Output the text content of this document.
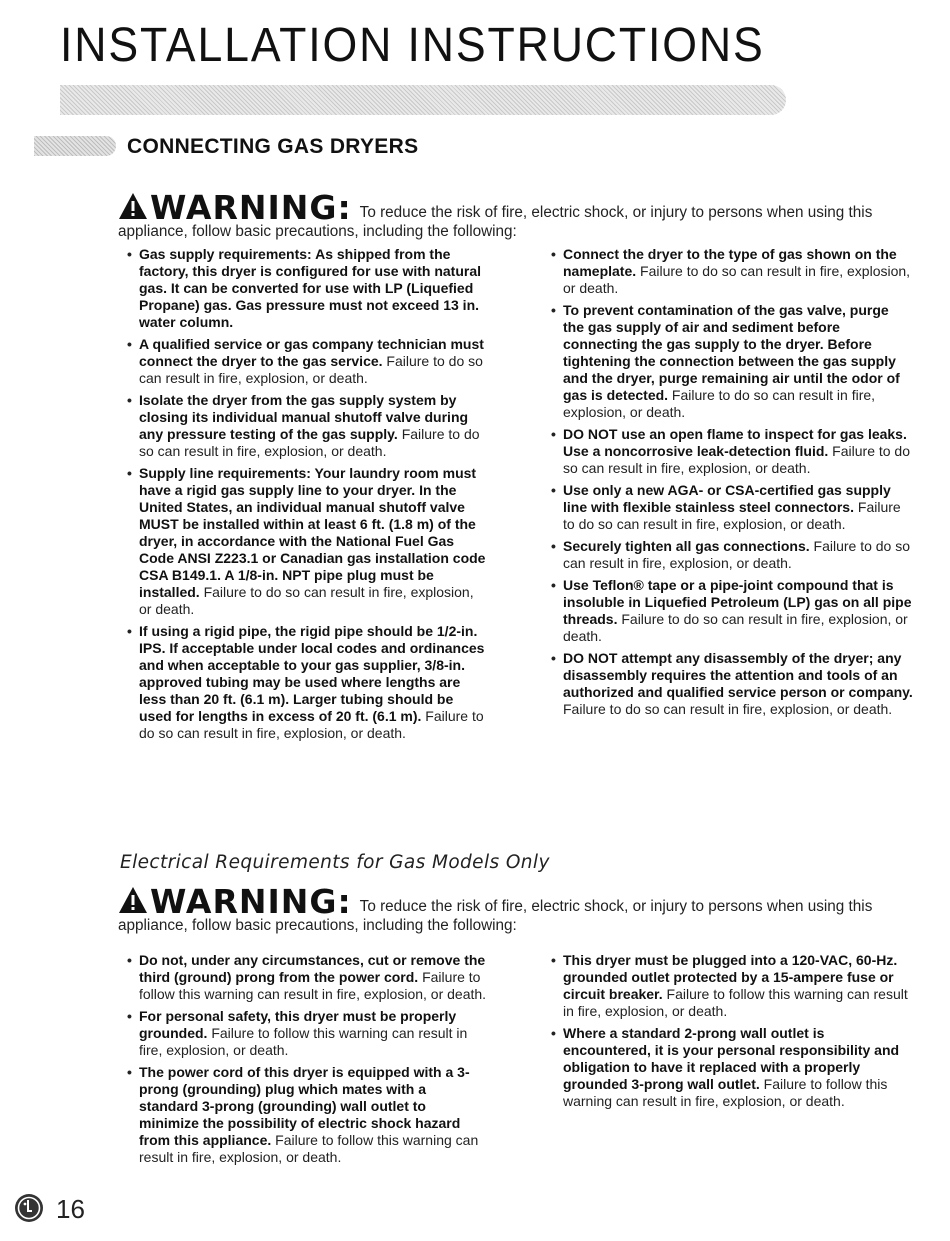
INSTALLATION INSTRUCTIONS
CONNECTING GAS DRYERS
WARNING: To reduce the risk of fire, electric shock, or injury to persons when using this appliance, follow basic precautions, including the following:
• Gas supply requirements: As shipped from the factory, this dryer is configured for use with natural gas. It can be converted for use with LP (Liquefied Propane) gas. Gas pressure must not exceed 13 in. water column.
• A qualified service or gas company technician must connect the dryer to the gas service. Failure to do so can result in fire, explosion, or death.
• Isolate the dryer from the gas supply system by closing its individual manual shutoff valve during any pressure testing of the gas supply. Failure to do so can result in fire, explosion, or death.
• Supply line requirements: Your laundry room must have a rigid gas supply line to your dryer. In the United States, an individual manual shutoff valve MUST be installed within at least 6 ft. (1.8 m) of the dryer, in accordance with the National Fuel Gas Code ANSI Z223.1 or Canadian gas installation code CSA B149.1. A 1/8-in. NPT pipe plug must be installed. Failure to do so can result in fire, explosion, or death.
• If using a rigid pipe, the rigid pipe should be 1/2-in. IPS. If acceptable under local codes and ordinances and when acceptable to your gas supplier, 3/8-in. approved tubing may be used where lengths are less than 20 ft. (6.1 m). Larger tubing should be used for lengths in excess of 20 ft. (6.1 m). Failure to do so can result in fire, explosion, or death.
• Connect the dryer to the type of gas shown on the nameplate. Failure to do so can result in fire, explosion, or death.
• To prevent contamination of the gas valve, purge the gas supply of air and sediment before connecting the gas supply to the dryer. Before tightening the connection between the gas supply and the dryer, purge remaining air until the odor of gas is detected. Failure to do so can result in fire, explosion, or death.
• DO NOT use an open flame to inspect for gas leaks. Use a noncorrosive leak-detection fluid. Failure to do so can result in fire, explosion, or death.
• Use only a new AGA- or CSA-certified gas supply line with flexible stainless steel connectors. Failure to do so can result in fire, explosion, or death.
• Securely tighten all gas connections. Failure to do so can result in fire, explosion, or death.
• Use Teflon® tape or a pipe-joint compound that is insoluble in Liquefied Petroleum (LP) gas on all pipe threads. Failure to do so can result in fire, explosion, or death.
• DO NOT attempt any disassembly of the dryer; any disassembly requires the attention and tools of an authorized and qualified service person or company. Failure to do so can result in fire, explosion, or death.
Electrical Requirements for Gas Models Only
WARNING: To reduce the risk of fire, electric shock, or injury to persons when using this appliance, follow basic precautions, including the following:
• Do not, under any circumstances, cut or remove the third (ground) prong from the power cord. Failure to follow this warning can result in fire, explosion, or death.
• For personal safety, this dryer must be properly grounded. Failure to follow this warning can result in fire, explosion, or death.
• The power cord of this dryer is equipped with a 3-prong (grounding) plug which mates with a standard 3-prong (grounding) wall outlet to minimize the possibility of electric shock hazard from this appliance. Failure to follow this warning can result in fire, explosion, or death.
• This dryer must be plugged into a 120-VAC, 60-Hz. grounded outlet protected by a 15-ampere fuse or circuit breaker. Failure to follow this warning can result in fire, explosion, or death.
• Where a standard 2-prong wall outlet is encountered, it is your personal responsibility and obligation to have it replaced with a properly grounded 3-prong wall outlet. Failure to follow this warning can result in fire, explosion, or death.
16
